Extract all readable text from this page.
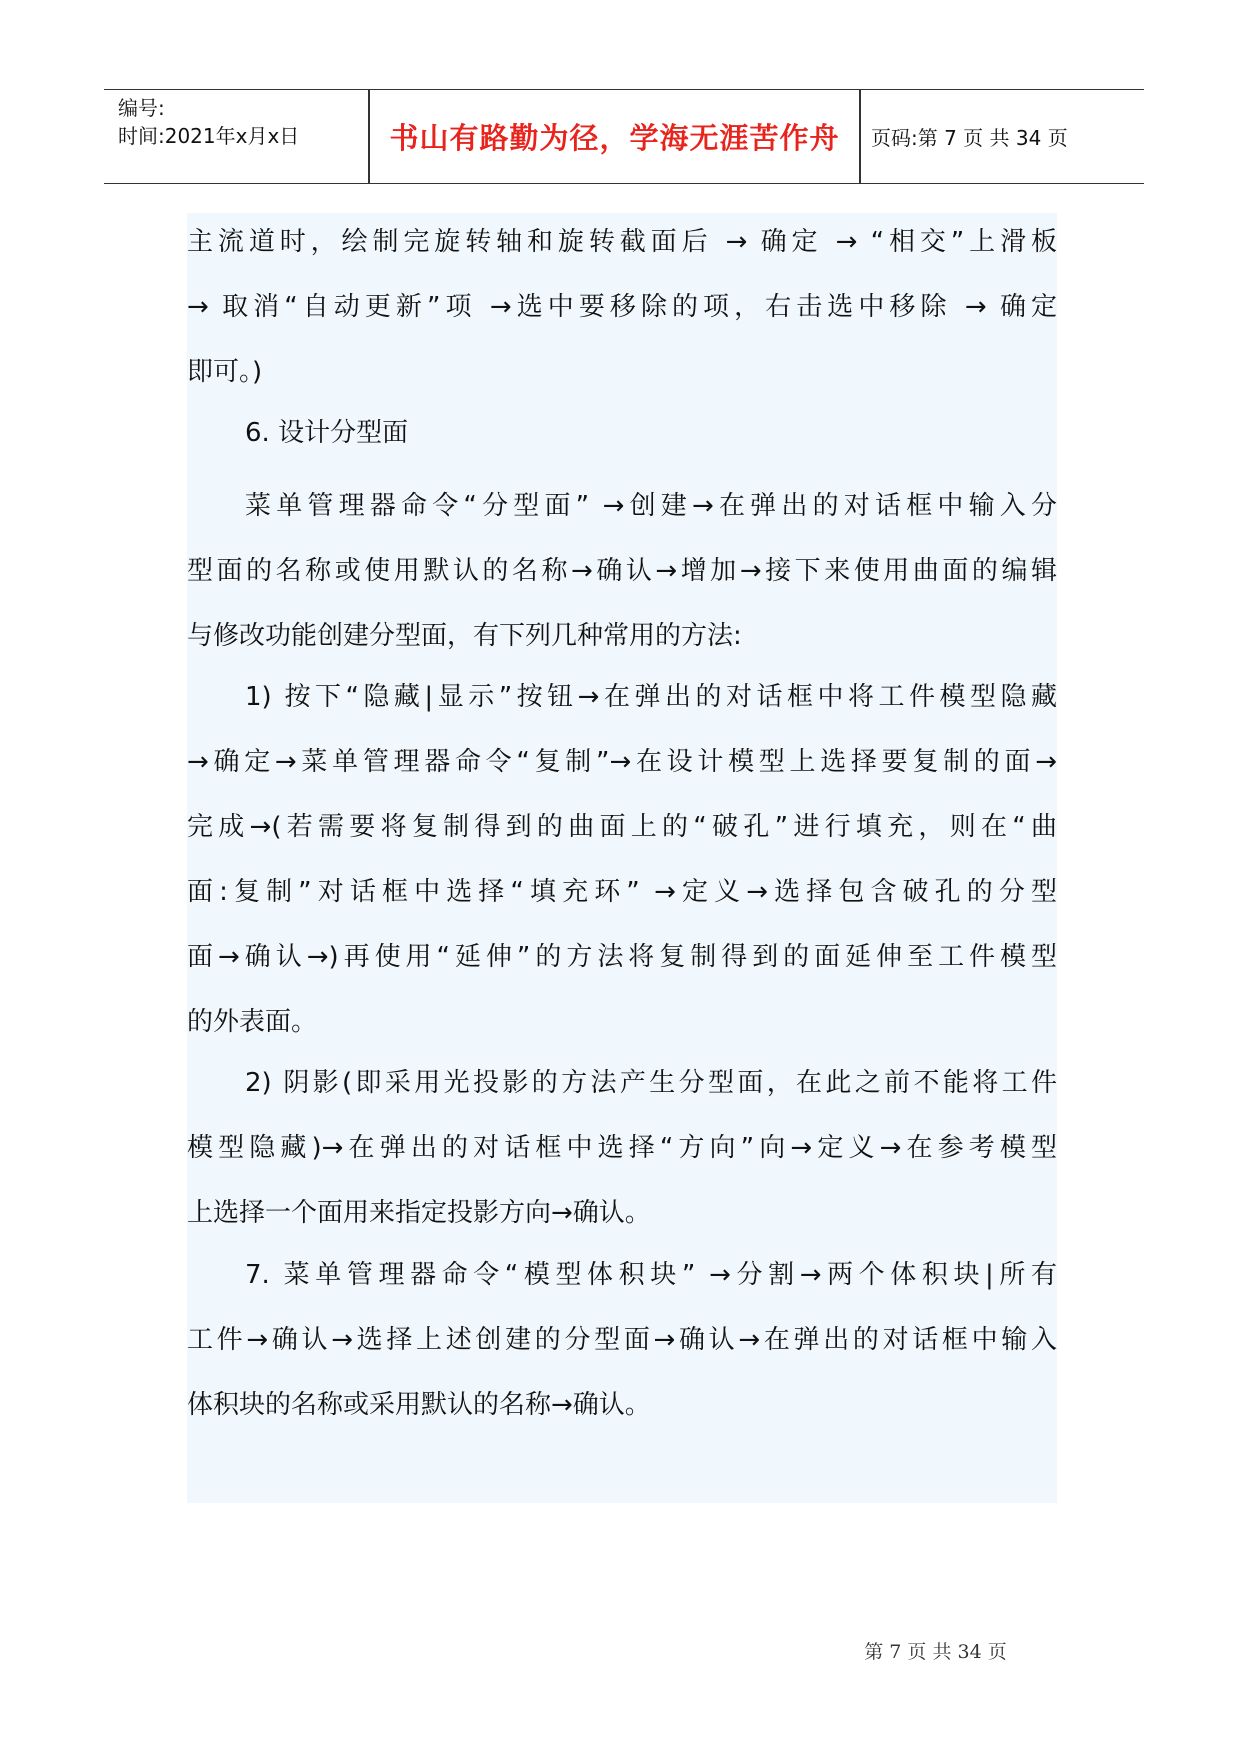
编号:
时间:2021年x月x日	书山有路勤为径，学海无涯苦作舟	页码:第 7 页 共 34 页
主流道时，绘制完旋转轴和旋转截面后 → 确定 → “相交”上滑板
→ 取消“自动更新”项 →选中要移除的项，右击选中移除 → 确定
即可。)
6. 设计分型面
菜单管理器命令“分型面” →创建→在弹出的对话框中输入分
型面的名称或使用默认的名称→确认→增加→接下来使用曲面的编辑
与修改功能创建分型面，有下列几种常用的方法:
1) 按下“隐藏|显示”按钮→在弹出的对话框中将工件模型隐藏
→确定→菜单管理器命令“复制”→在设计模型上选择要复制的面→
完成→(若需要将复制得到的曲面上的“破孔”进行填充，则在“曲
面:复制”对话框中选择“填充环” →定义→选择包含破孔的分型
面→确认→)再使用“延伸”的方法将复制得到的面延伸至工件模型
的外表面。
2) 阴影(即采用光投影的方法产生分型面，在此之前不能将工件
模型隐藏)→在弹出的对话框中选择“方向”向→定义→在参考模型
上选择一个面用来指定投影方向→确认。
7. 菜单管理器命令“模型体积块” →分割→两个体积块|所有
工件→确认→选择上述创建的分型面→确认→在弹出的对话框中输入
体积块的名称或采用默认的名称→确认。
第 7 页 共 34 页
